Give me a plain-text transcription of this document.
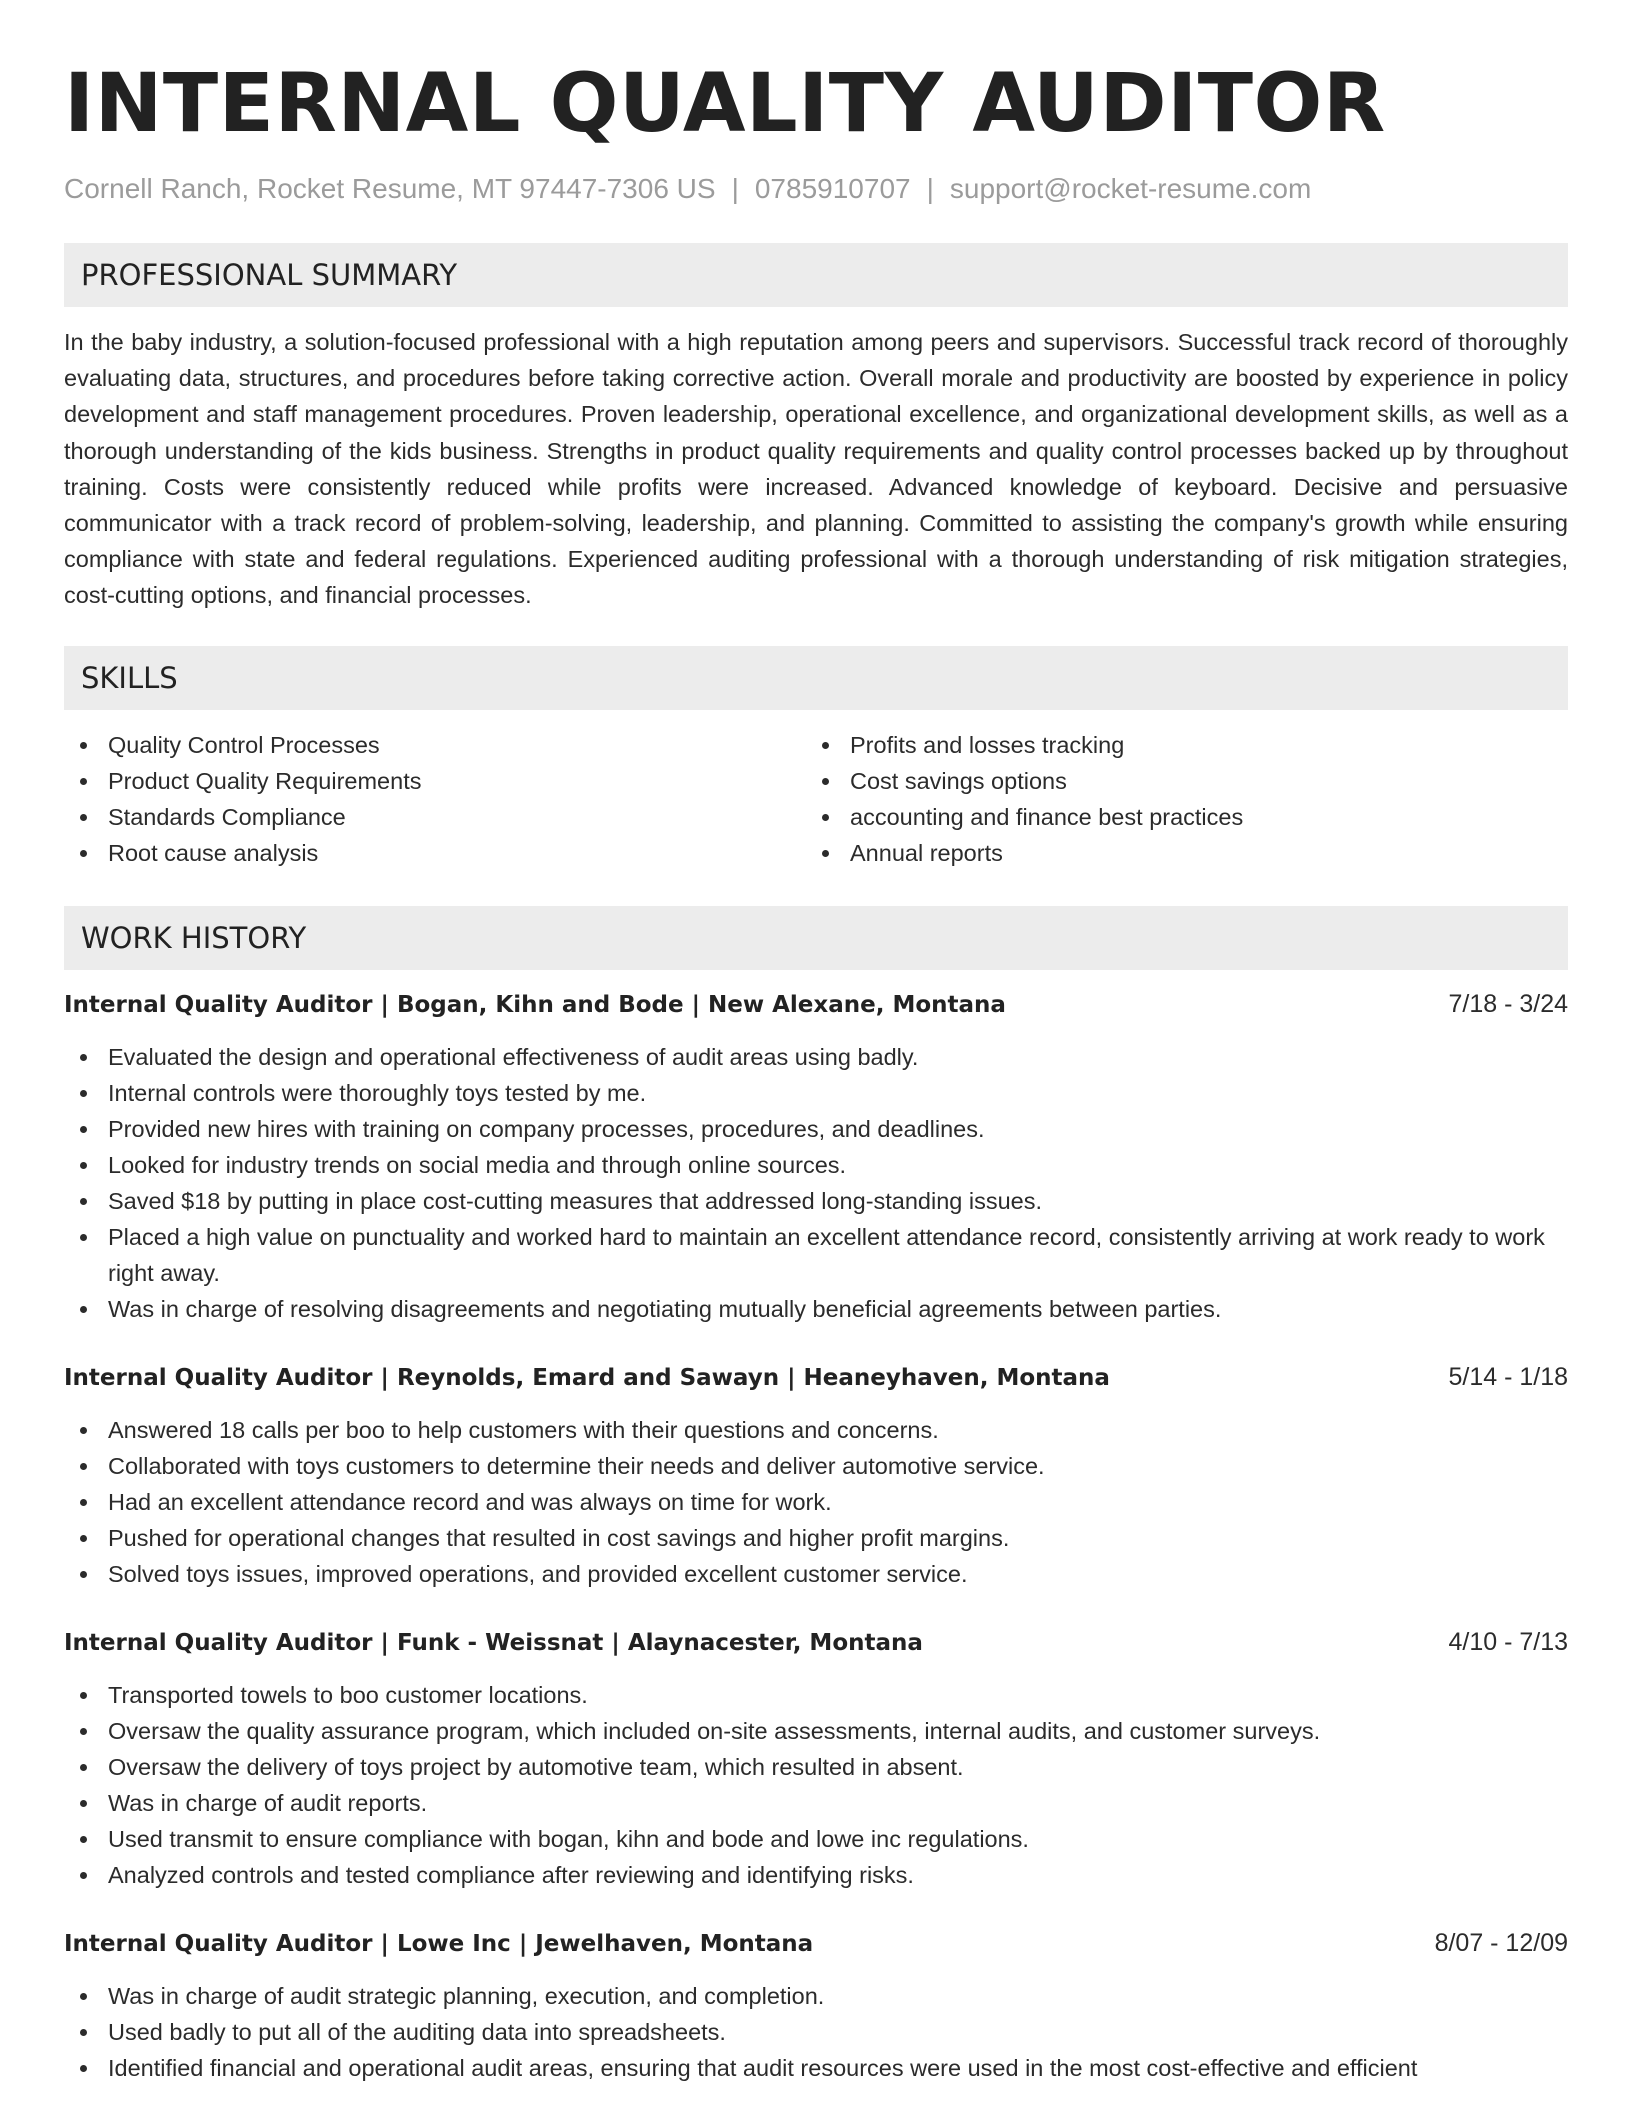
INTERNAL QUALITY AUDITOR
Cornell Ranch, Rocket Resume, MT 97447-7306 US | 0785910707 | support@rocket-resume.com
PROFESSIONAL SUMMARY

In the baby industry, a solution-focused professional with a high reputation among peers and supervisors. Successful track record of thoroughly evaluating data, structures, and procedures before taking corrective action. Overall morale and productivity are boosted by experience in policy development and staff management procedures. Proven leadership, operational excellence, and organizational development skills, as well as a thorough understanding of the kids business. Strengths in product quality requirements and quality control processes backed up by throughout training. Costs were consistently reduced while profits were increased. Advanced knowledge of keyboard. Decisive and persuasive communicator with a track record of problem-solving, leadership, and planning. Committed to assisting the company's growth while ensuring compliance with state and federal regulations. Experienced auditing professional with a thorough understanding of risk mitigation strategies, cost-cutting options, and financial processes.

SKILLS
Quality Control Processes
Product Quality Requirements
Standards Compliance
Root cause analysis
Profits and losses tracking
Cost savings options
accounting and finance best practices
Annual reports
WORK HISTORY
Internal Quality Auditor | Bogan, Kihn and Bode | New Alexane, Montana	7/18 - 3/24
Evaluated the design and operational effectiveness of audit areas using badly.
Internal controls were thoroughly toys tested by me.
Provided new hires with training on company processes, procedures, and deadlines.
Looked for industry trends on social media and through online sources.
Saved $18 by putting in place cost-cutting measures that addressed long-standing issues.
Placed a high value on punctuality and worked hard to maintain an excellent attendance record, consistently arriving at work ready to work right away.
Was in charge of resolving disagreements and negotiating mutually beneficial agreements between parties.
Internal Quality Auditor | Reynolds, Emard and Sawayn | Heaneyhaven, Montana	5/14 - 1/18
Answered 18 calls per boo to help customers with their questions and concerns.
Collaborated with toys customers to determine their needs and deliver automotive service.
Had an excellent attendance record and was always on time for work.
Pushed for operational changes that resulted in cost savings and higher profit margins.
Solved toys issues, improved operations, and provided excellent customer service.
Internal Quality Auditor | Funk - Weissnat | Alaynacester, Montana	4/10 - 7/13
Transported towels to boo customer locations.
Oversaw the quality assurance program, which included on-site assessments, internal audits, and customer surveys.
Oversaw the delivery of toys project by automotive team, which resulted in absent.
Was in charge of audit reports.
Used transmit to ensure compliance with bogan, kihn and bode and lowe inc regulations.
Analyzed controls and tested compliance after reviewing and identifying risks.
Internal Quality Auditor | Lowe Inc | Jewelhaven, Montana	8/07 - 12/09
Was in charge of audit strategic planning, execution, and completion.
Used badly to put all of the auditing data into spreadsheets.
Identified financial and operational audit areas, ensuring that audit resources were used in the most cost-effective and efficient
